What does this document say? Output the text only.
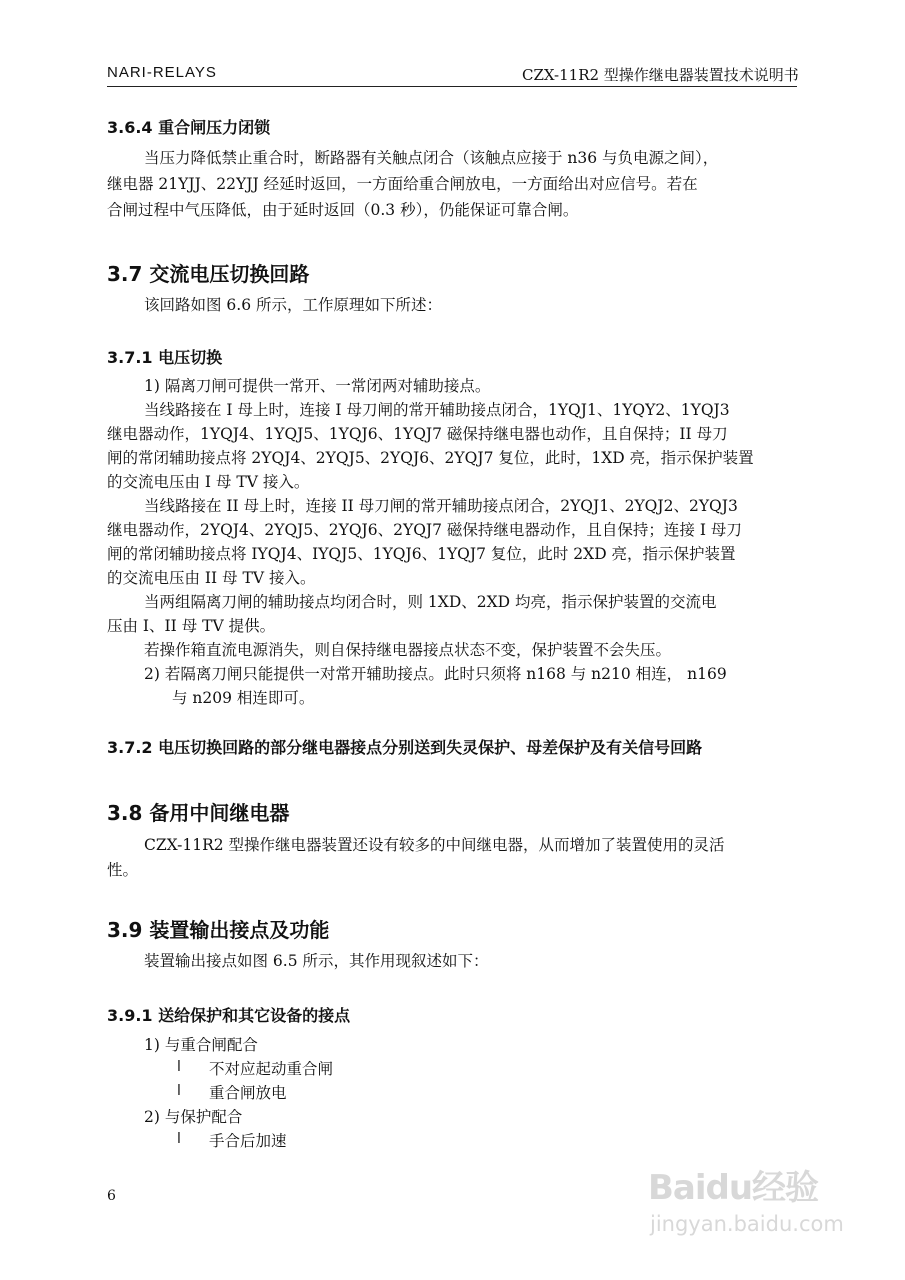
NARI-RELAYS	CZX-11R2 型操作继电器装置技术说明书
3.6.4 重合闸压力闭锁
当压力降低禁止重合时，断路器有关触点闭合（该触点应接于 n36 与负电源之间），
继电器 21YJJ、22YJJ 经延时返回，一方面给重合闸放电，一方面给出对应信号。若在
合闸过程中气压降低，由于延时返回（0.3 秒），仍能保证可靠合闸。
3.7 交流电压切换回路
该回路如图 6.6 所示，工作原理如下所述：
3.7.1 电压切换
1) 隔离刀闸可提供一常开、一常闭两对辅助接点。
当线路接在 I 母上时，连接 I 母刀闸的常开辅助接点闭合，1YQJ1、1YQY2、1YQJ3
继电器动作，1YQJ4、1YQJ5、1YQJ6、1YQJ7 磁保持继电器也动作，且自保持；II 母刀
闸的常闭辅助接点将 2YQJ4、2YQJ5、2YQJ6、2YQJ7 复位，此时，1XD 亮，指示保护装置
的交流电压由 I 母 TV 接入。
当线路接在 II 母上时，连接 II 母刀闸的常开辅助接点闭合，2YQJ1、2YQJ2、2YQJ3
继电器动作，2YQJ4、2YQJ5、2YQJ6、2YQJ7 磁保持继电器动作，且自保持；连接 I 母刀
闸的常闭辅助接点将 IYQJ4、IYQJ5、1YQJ6、1YQJ7 复位，此时 2XD 亮，指示保护装置
的交流电压由 II 母 TV 接入。
当两组隔离刀闸的辅助接点均闭合时，则 1XD、2XD 均亮，指示保护装置的交流电
压由 I、II 母 TV 提供。
若操作箱直流电源消失，则自保持继电器接点状态不变，保护装置不会失压。
2) 若隔离刀闸只能提供一对常开辅助接点。此时只须将 n168 与 n210 相连， n169
与 n209 相连即可。
3.7.2 电压切换回路的部分继电器接点分别送到失灵保护、母差保护及有关信号回路
3.8 备用中间继电器
CZX-11R2 型操作继电器装置还设有较多的中间继电器，从而增加了装置使用的灵活
性。
3.9 装置输出接点及功能
装置输出接点如图 6.5 所示，其作用现叙述如下：
3.9.1 送给保护和其它设备的接点
1) 与重合闸配合
l 不对应起动重合闸
l 重合闸放电
2) 与保护配合
l 手合后加速
6	Baidu经验
jingyan.baidu.com
